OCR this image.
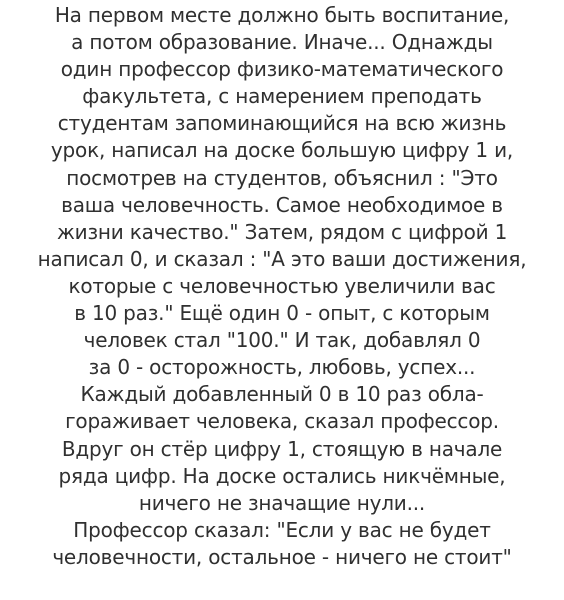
На первом месте должно быть воспитание,
а потом образование. Иначе... Однажды
один профессор физико-математического
факультета, с намерением преподать
студентам запоминающийся на всю жизнь
урок, написал на доске большую цифру 1 и,
посмотрев на студентов, объяснил : "Это
ваша человечность. Самое необходимое в
жизни качество." Затем, рядом с цифрой 1
написал 0, и сказал : "А это ваши достижения,
которые с человечностью увеличили вас
в 10 раз." Ещё один 0 - опыт, с которым
человек стал "100." И так, добавлял 0
за 0 - осторожность, любовь, успех...
Каждый добавленный 0 в 10 раз обла-
гораживает человека, сказал профессор.
Вдруг он стёр цифру 1, стоящую в начале
ряда цифр. На доске остались никчёмные,
ничего не значащие нули...
Профессор сказал: "Если у вас не будет
человечности, остальное - ничего не стоит"
